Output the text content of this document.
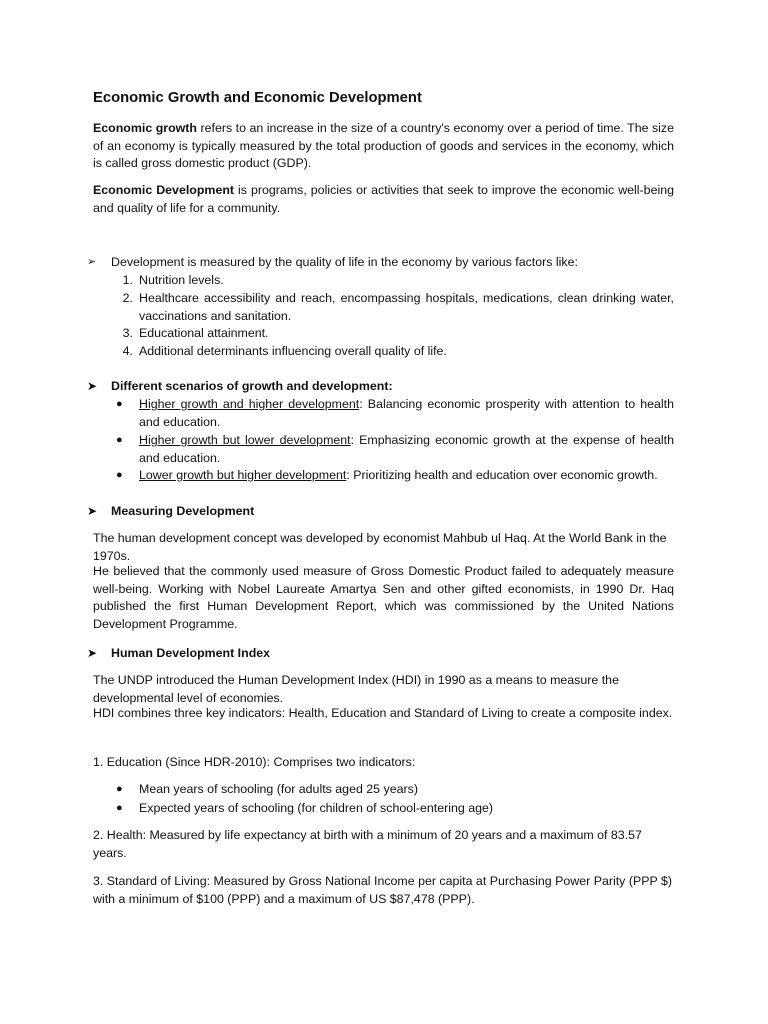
Economic Growth and Economic Development

Economic growth refers to an increase in the size of a country's economy over a period of time. The size of an economy is typically measured by the total production of goods and services in the economy, which is called gross domestic product (GDP).

Economic Development is programs, policies or activities that seek to improve the economic well-being and quality of life for a community.

➢	Development is measured by the quality of life in the economy by various factors like:
1. Nutrition levels.
2. Healthcare accessibility and reach, encompassing hospitals, medications, clean drinking water, vaccinations and sanitation.
3. Educational attainment.
4. Additional determinants influencing overall quality of life.
➤	Different scenarios of growth and development:
● Higher growth and higher development: Balancing economic prosperity with attention to health and education.
● Higher growth but lower development: Emphasizing economic growth at the expense of health and education.
● Lower growth but higher development: Prioritizing health and education over economic growth.
➤	Measuring Development

The human development concept was developed by economist Mahbub ul Haq. At the World Bank in the 1970s.

He believed that the commonly used measure of Gross Domestic Product failed to adequately measure well-being. Working with Nobel Laureate Amartya Sen and other gifted economists, in 1990 Dr. Haq published the first Human Development Report, which was commissioned by the United Nations Development Programme.

➤	Human Development Index

The UNDP introduced the Human Development Index (HDI) in 1990 as a means to measure the developmental level of economies.

HDI combines three key indicators: Health, Education and Standard of Living to create a composite index.

1. Education (Since HDR-2010): Comprises two indicators:

● Mean years of schooling (for adults aged 25 years)
● Expected years of schooling (for children of school-entering age)

2. Health: Measured by life expectancy at birth with a minimum of 20 years and a maximum of 83.57 years.

3. Standard of Living: Measured by Gross National Income per capita at Purchasing Power Parity (PPP $) with a minimum of $100 (PPP) and a maximum of US $87,478 (PPP).
